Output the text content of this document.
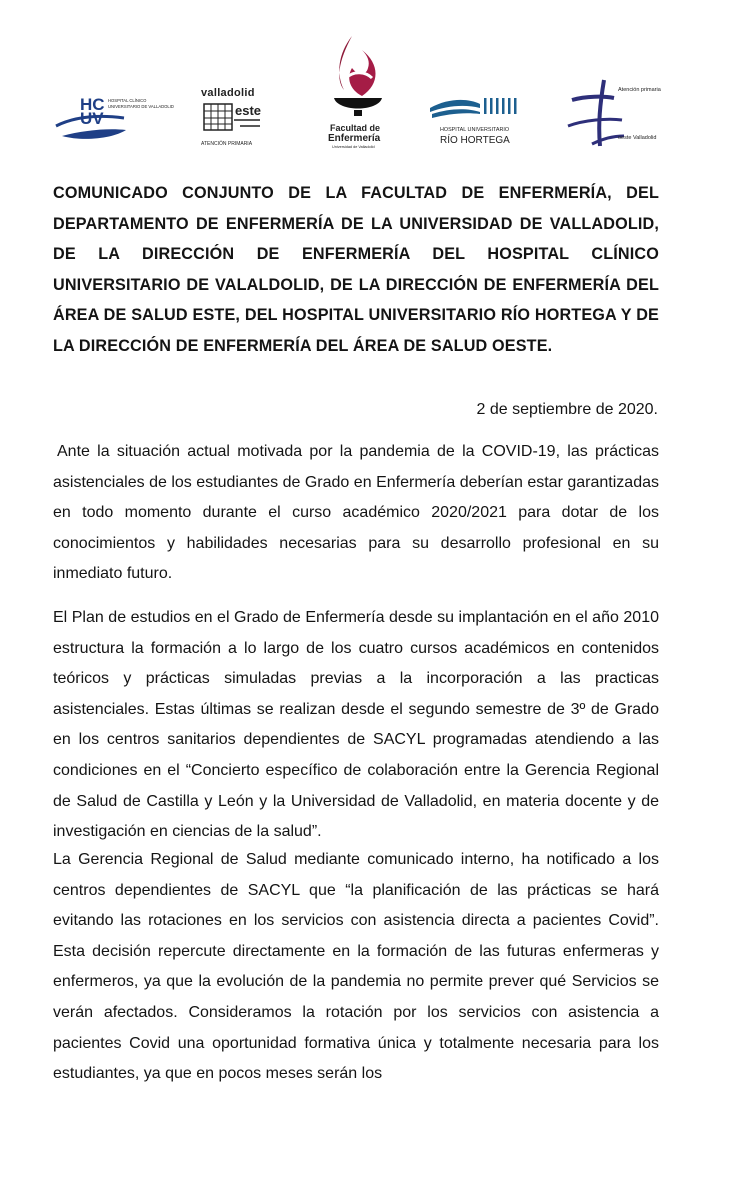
HC
UV
HOSPITAL CLÍNICO UNIVERSITARIO DE VALLADOLID
valladolid
este
ATENCIÓN PRIMARIA
Facultad de
Enfermería
Universidad de Valladolid
HOSPITAL UNIVERSITARIO
RÍO HORTEGA
Atención primaria
oeste Valladolid

COMUNICADO CONJUNTO DE LA FACULTAD DE ENFERMERÍA, DEL DEPARTAMENTO DE ENFERMERÍA DE LA UNIVERSIDAD DE VALLADOLID, DE LA DIRECCIÓN DE ENFERMERÍA DEL HOSPITAL CLÍNICO UNIVERSITARIO DE VALALDOLID, DE LA DIRECCIÓN DE ENFERMERÍA DEL ÁREA DE SALUD ESTE, DEL HOSPITAL UNIVERSITARIO RÍO HORTEGA Y DE LA DIRECCIÓN DE ENFERMERÍA DEL ÁREA DE SALUD OESTE.

2 de septiembre de 2020.

Ante la situación actual motivada por la pandemia de la COVID-19, las prácticas asistenciales de los estudiantes de Grado en Enfermería deberían estar garantizadas en todo momento durante el curso académico 2020/2021 para dotar de los conocimientos y habilidades necesarias para su desarrollo profesional en su inmediato futuro.

El Plan de estudios en el Grado de Enfermería desde su implantación en el año 2010 estructura la formación a lo largo de los cuatro cursos académicos en contenidos teóricos y prácticas simuladas previas a la incorporación a las practicas asistenciales. Estas últimas se realizan desde el segundo semestre de 3º de Grado en los centros sanitarios dependientes de SACYL programadas atendiendo a las condiciones en el “Concierto específico de colaboración entre la Gerencia Regional de Salud de Castilla y León y la Universidad de Valladolid, en materia docente y de investigación en ciencias de la salud”.

La Gerencia Regional de Salud mediante comunicado interno, ha notificado a los centros dependientes de SACYL que “la planificación de las prácticas se hará evitando las rotaciones en los servicios con asistencia directa a pacientes Covid”. Esta decisión repercute directamente en la formación de las futuras enfermeras y enfermeros, ya que la evolución de la pandemia no permite prever qué Servicios se verán afectados. Consideramos la rotación por los servicios con asistencia a pacientes Covid una oportunidad formativa única y totalmente necesaria para los estudiantes, ya que en pocos meses serán los
